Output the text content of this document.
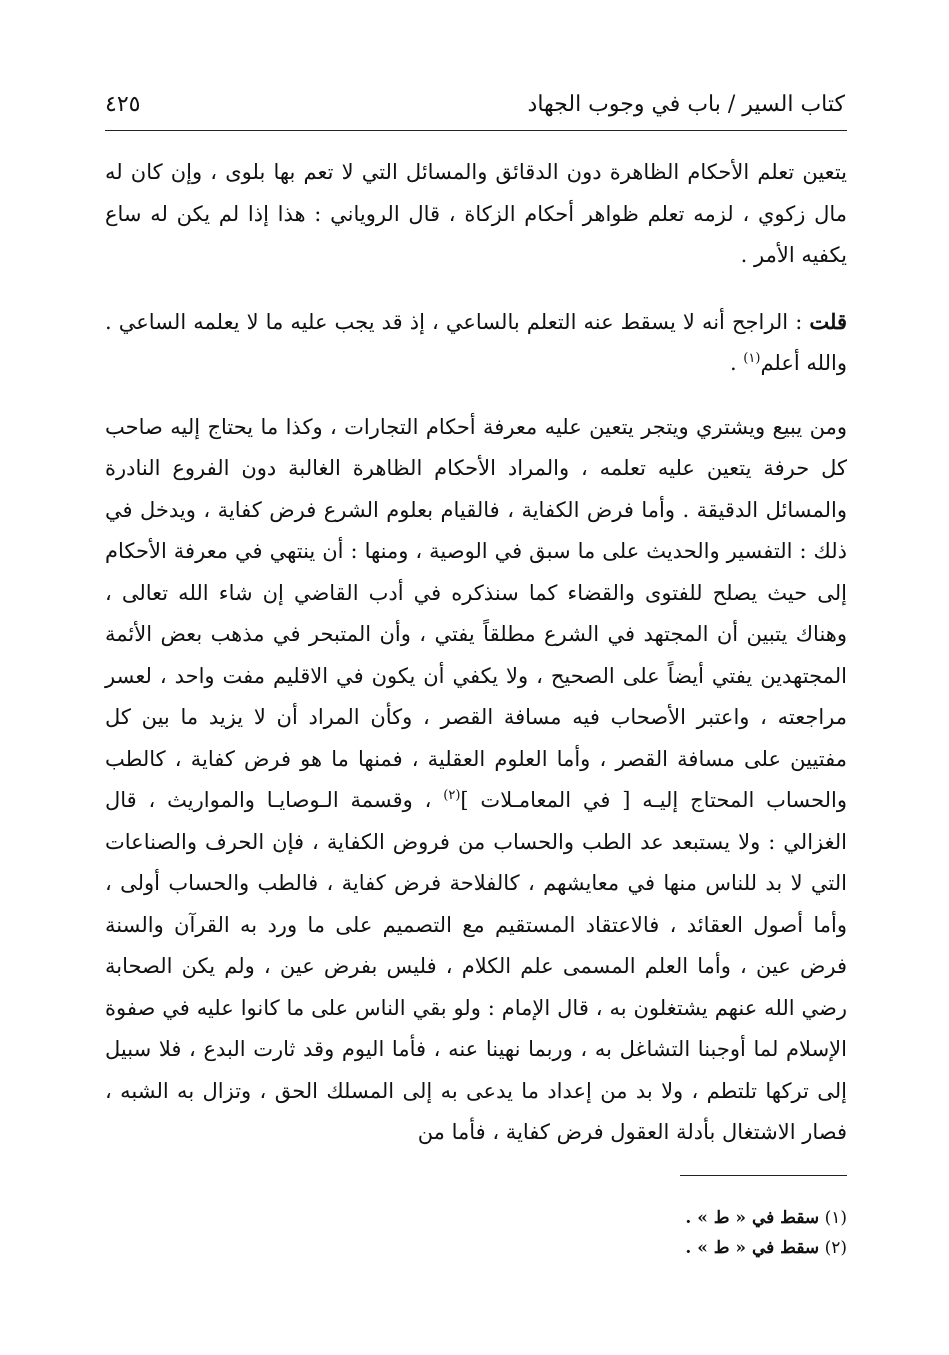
كتاب السير / باب في وجوب الجهاد
٤٢٥

يتعين تعلم الأحكام الظاهرة دون الدقائق والمسائل التي لا تعم بها بلوى ، وإن كان له مال زكوي ، لزمه تعلم ظواهر أحكام الزكاة ، قال الروياني : هذا إذا لم يكن له ساع يكفيه الأمر .

قلت : الراجح أنه لا يسقط عنه التعلم بالساعي ، إذ قد يجب عليه ما لا يعلمه الساعي . والله أعلم$^{(١)}$ .

ومن يبيع ويشتري ويتجر يتعين عليه معرفة أحكام التجارات ، وكذا ما يحتاج إليه صاحب كل حرفة يتعين عليه تعلمه ، والمراد الأحكام الظاهرة الغالبة دون الفروع النادرة والمسائل الدقيقة . وأما فرض الكفاية ، فالقيام بعلوم الشرع فرض كفاية ، ويدخل في ذلك : التفسير والحديث على ما سبق في الوصية ، ومنها : أن ينتهي في معرفة الأحكام إلى حيث يصلح للفتوى والقضاء كما سنذكره في أدب القاضي إن شاء الله تعالى ، وهناك يتبين أن المجتهد في الشرع مطلقاً يفتي ، وأن المتبحر في مذهب بعض الأئمة المجتهدين يفتي أيضاً على الصحيح ، ولا يكفي أن يكون في الاقليم مفت واحد ، لعسر مراجعته ، واعتبر الأصحاب فيه مسافة القصر ، وكأن المراد أن لا يزيد ما بين كل مفتيين على مسافة القصر ، وأما العلوم العقلية ، فمنها ما هو فرض كفاية ، كالطب والحساب المحتاج إليـه [ في المعامـلات ]$^{(٢)}$ ، وقسمة الـوصايـا والمواريث ، قال الغزالي : ولا يستبعد عد الطب والحساب من فروض الكفاية ، فإن الحرف والصناعات التي لا بد للناس منها في معايشهم ، كالفلاحة فرض كفاية ، فالطب والحساب أولى ، وأما أصول العقائد ، فالاعتقاد المستقيم مع التصميم على ما ورد به القرآن والسنة فرض عين ، وأما العلم المسمى علم الكلام ، فليس بفرض عين ، ولم يكن الصحابة رضي الله عنهم يشتغلون به ، قال الإمام : ولو بقي الناس على ما كانوا عليه في صفوة الإسلام لما أوجبنا التشاغل به ، وربما نهينا عنه ، فأما اليوم وقد ثارت البدع ، فلا سبيل إلى تركها تلتطم ، ولا بد من إعداد ما يدعى به إلى المسلك الحق ، وتزال به الشبه ، فصار الاشتغال بأدلة العقول فرض كفاية ، فأما من

(١) سقط في « ط » .

(٢) سقط في « ط » .
